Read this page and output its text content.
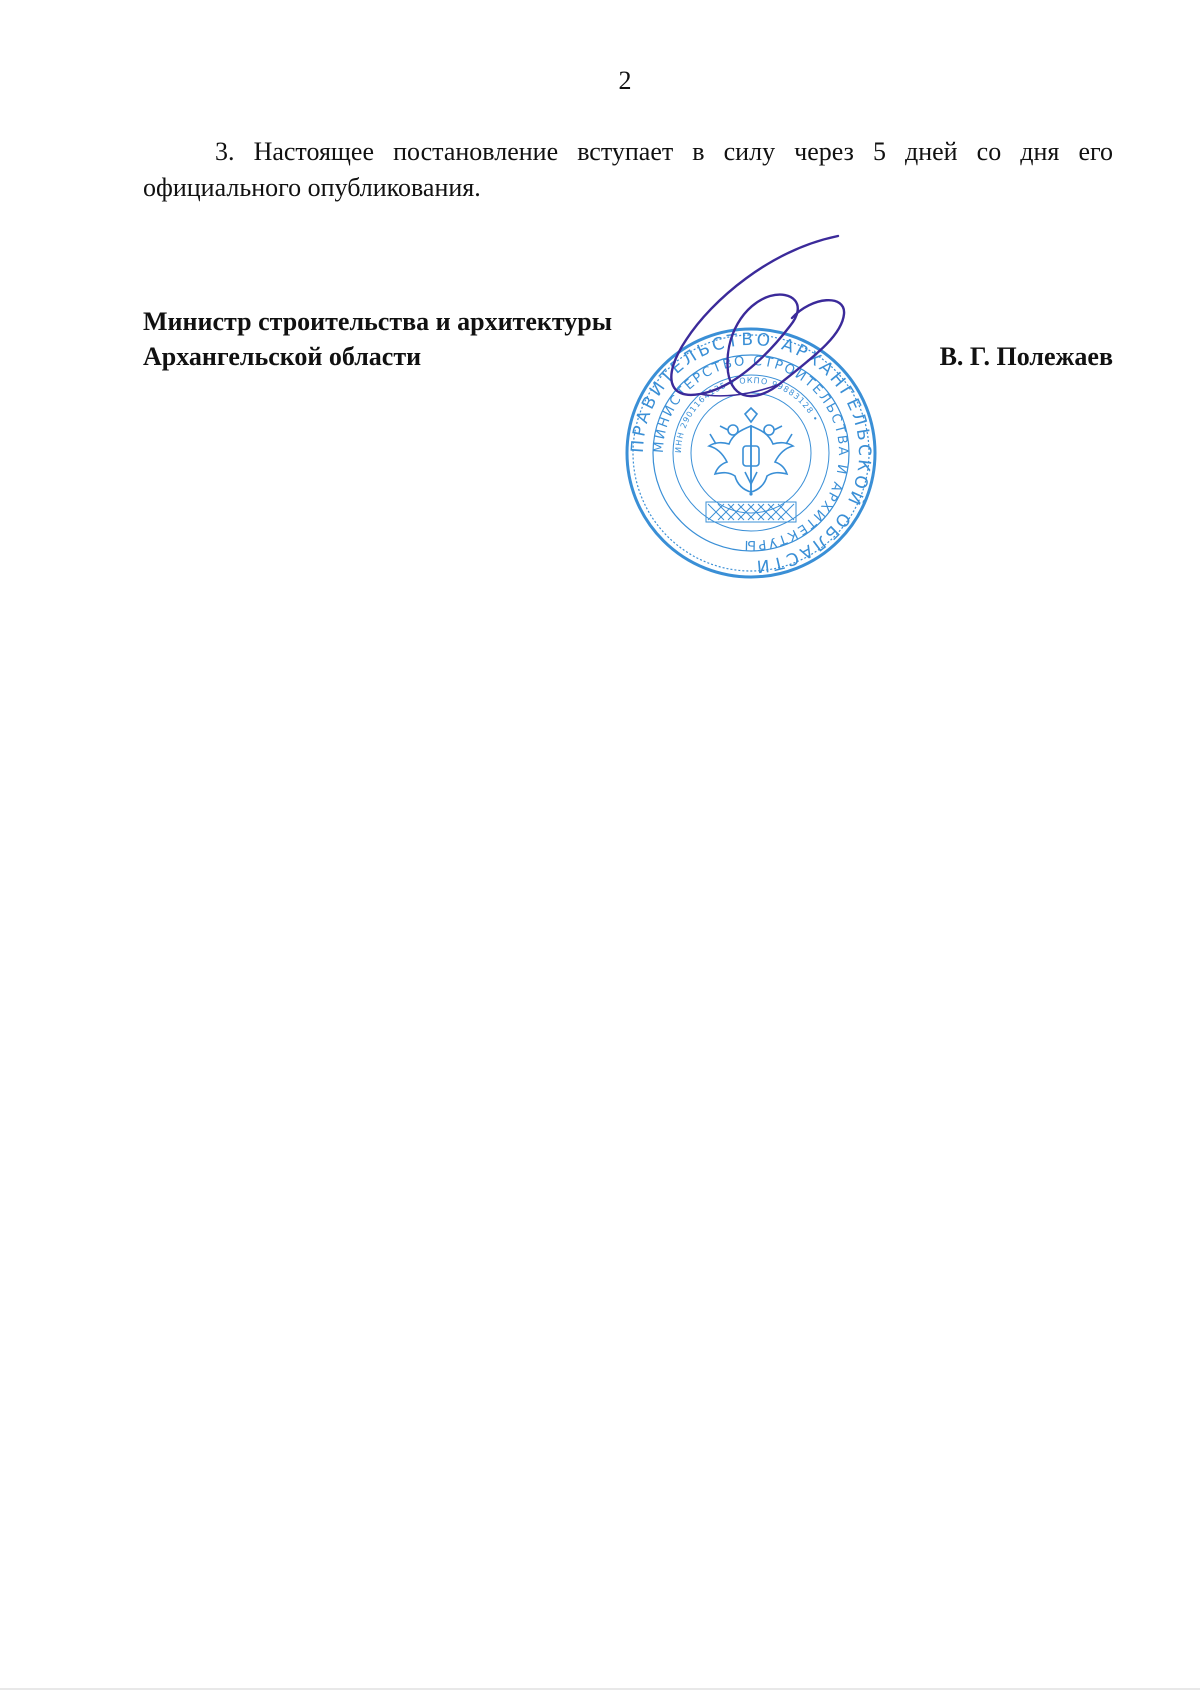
2
3. Настоящее постановление вступает в силу через 5 дней со дня его официального опубликования.
Министр строительства и архитектуры
Архангельской области	В. Г. Полежаев
ПРАВИТЕЛЬСТВО АРХАНГЕЛЬСКОЙ ОБЛАСТИ
МИНИСТЕРСТВО СТРОИТЕЛЬСТВА И АРХИТЕКТУРЫ
ИНН 2901164135 • ОКПО 99883128 •
